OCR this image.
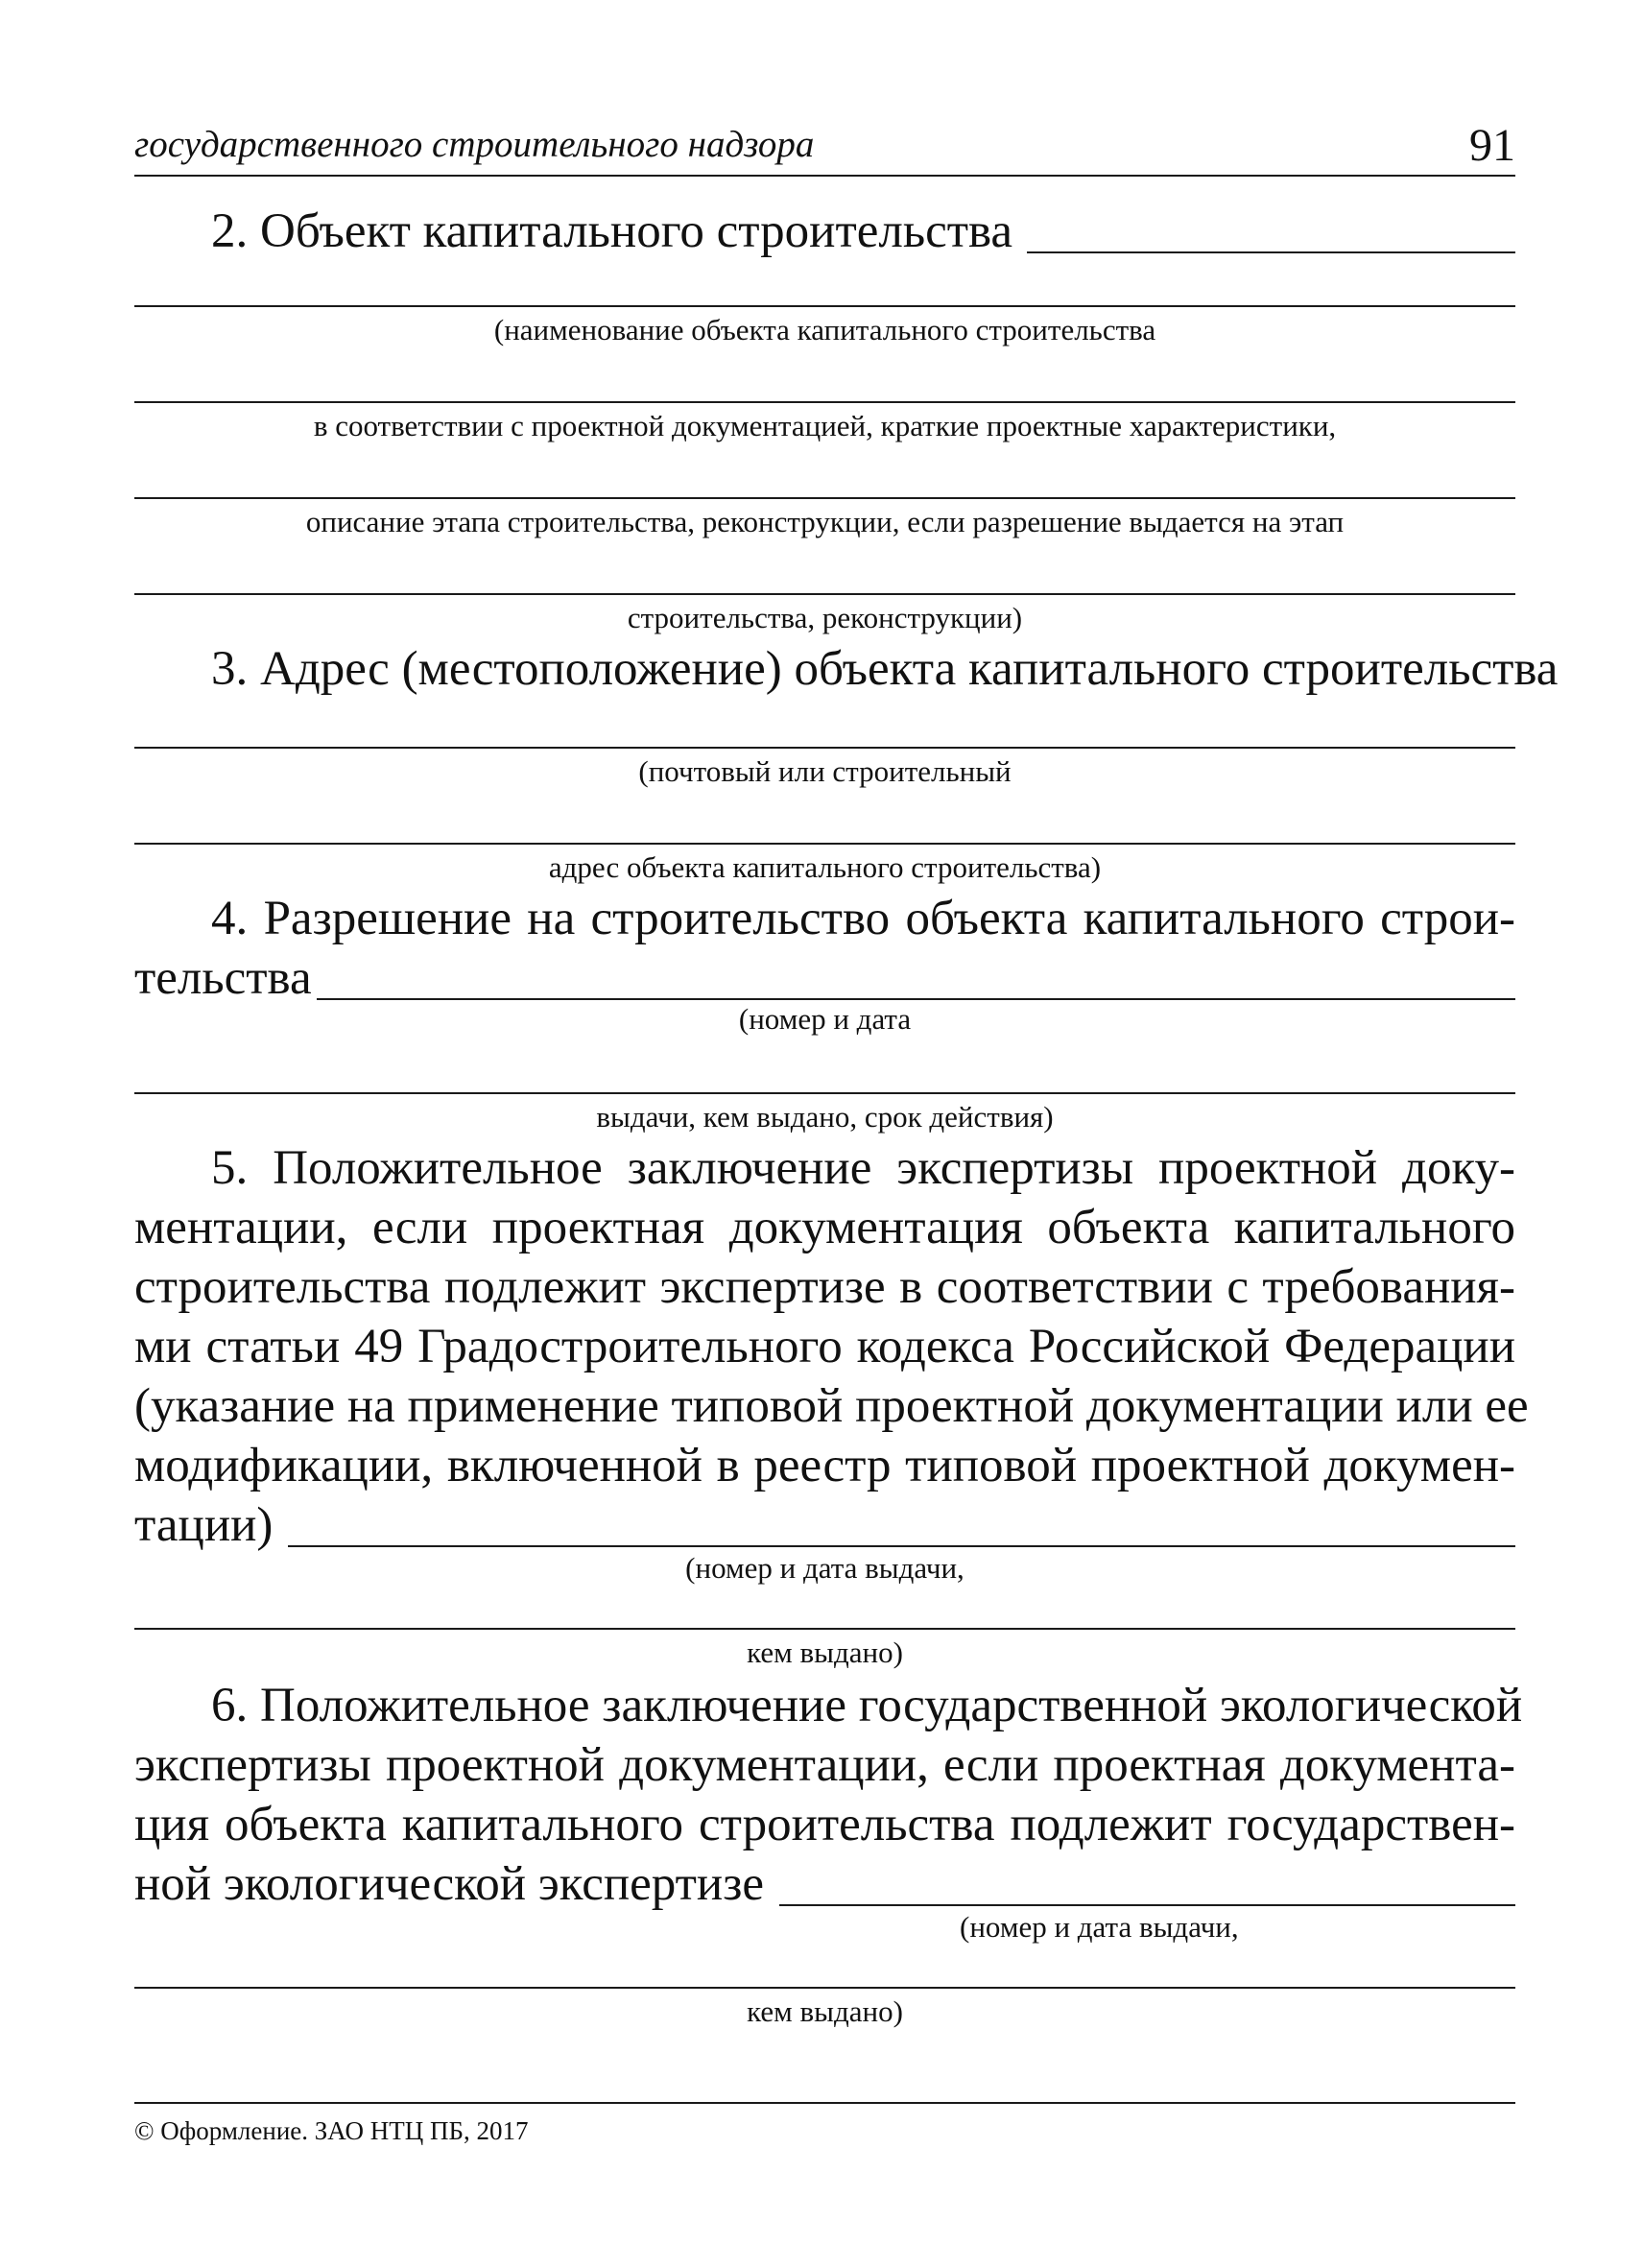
государственного строительного надзора	91
2. Объект капитального строительства
(наименование объекта капитального строительства
в соответствии с проектной документацией, краткие проектные характеристики,
описание этапа строительства, реконструкции, если разрешение выдается на этап
строительства, реконструкции)
3. Адрес (местоположение) объекта капитального строительства
(почтовый или строительный
адрес объекта капитального строительства)
4. Разрешение на строительство объекта капитального строи-
тельства
(номер и дата
выдачи, кем выдано, срок действия)
5. Положительное заключение экспертизы проектной доку-
ментации, если проектная документация объекта капитального
строительства подлежит экспертизе в соответствии с требования-
ми статьи 49 Градостроительного кодекса Российской Федерации
(указание на применение типовой проектной документации или ее
модификации, включенной в реестр типовой проектной докумен-
тации)
(номер и дата выдачи,
кем выдано)
6. Положительное заключение государственной экологической
экспертизы проектной документации, если проектная документа-
ция объекта капитального строительства подлежит государствен-
ной экологической экспертизе
(номер и дата выдачи,
кем выдано)
© Оформление. ЗАО НТЦ ПБ, 2017
